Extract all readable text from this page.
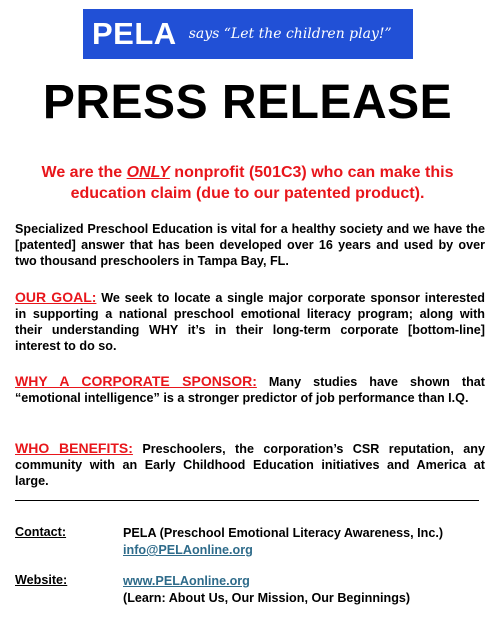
PELA says “Let the children play!”
PRESS RELEASE
We are the ONLY nonprofit (501C3) who can make this education claim (due to our patented product).
Specialized Preschool Education is vital for a healthy society and we have the [patented] answer that has been developed over 16 years and used by over two thousand preschoolers in Tampa Bay, FL.
OUR GOAL: We seek to locate a single major corporate sponsor interested in supporting a national preschool emotional literacy program; along with their understanding WHY it’s in their long-term corporate [bottom-line] interest to do so.
WHY A CORPORATE SPONSOR: Many studies have shown that “emotional intelligence” is a stronger predictor of job performance than I.Q.
WHO BENEFITS: Preschoolers, the corporation’s CSR reputation, any community with an Early Childhood Education initiatives and America at large.
Contact:	PELA (Preschool Emotional Literacy Awareness, Inc.)
info@PELAonline.org
Website:	www.PELAonline.org
(Learn: About Us, Our Mission, Our Beginnings)
